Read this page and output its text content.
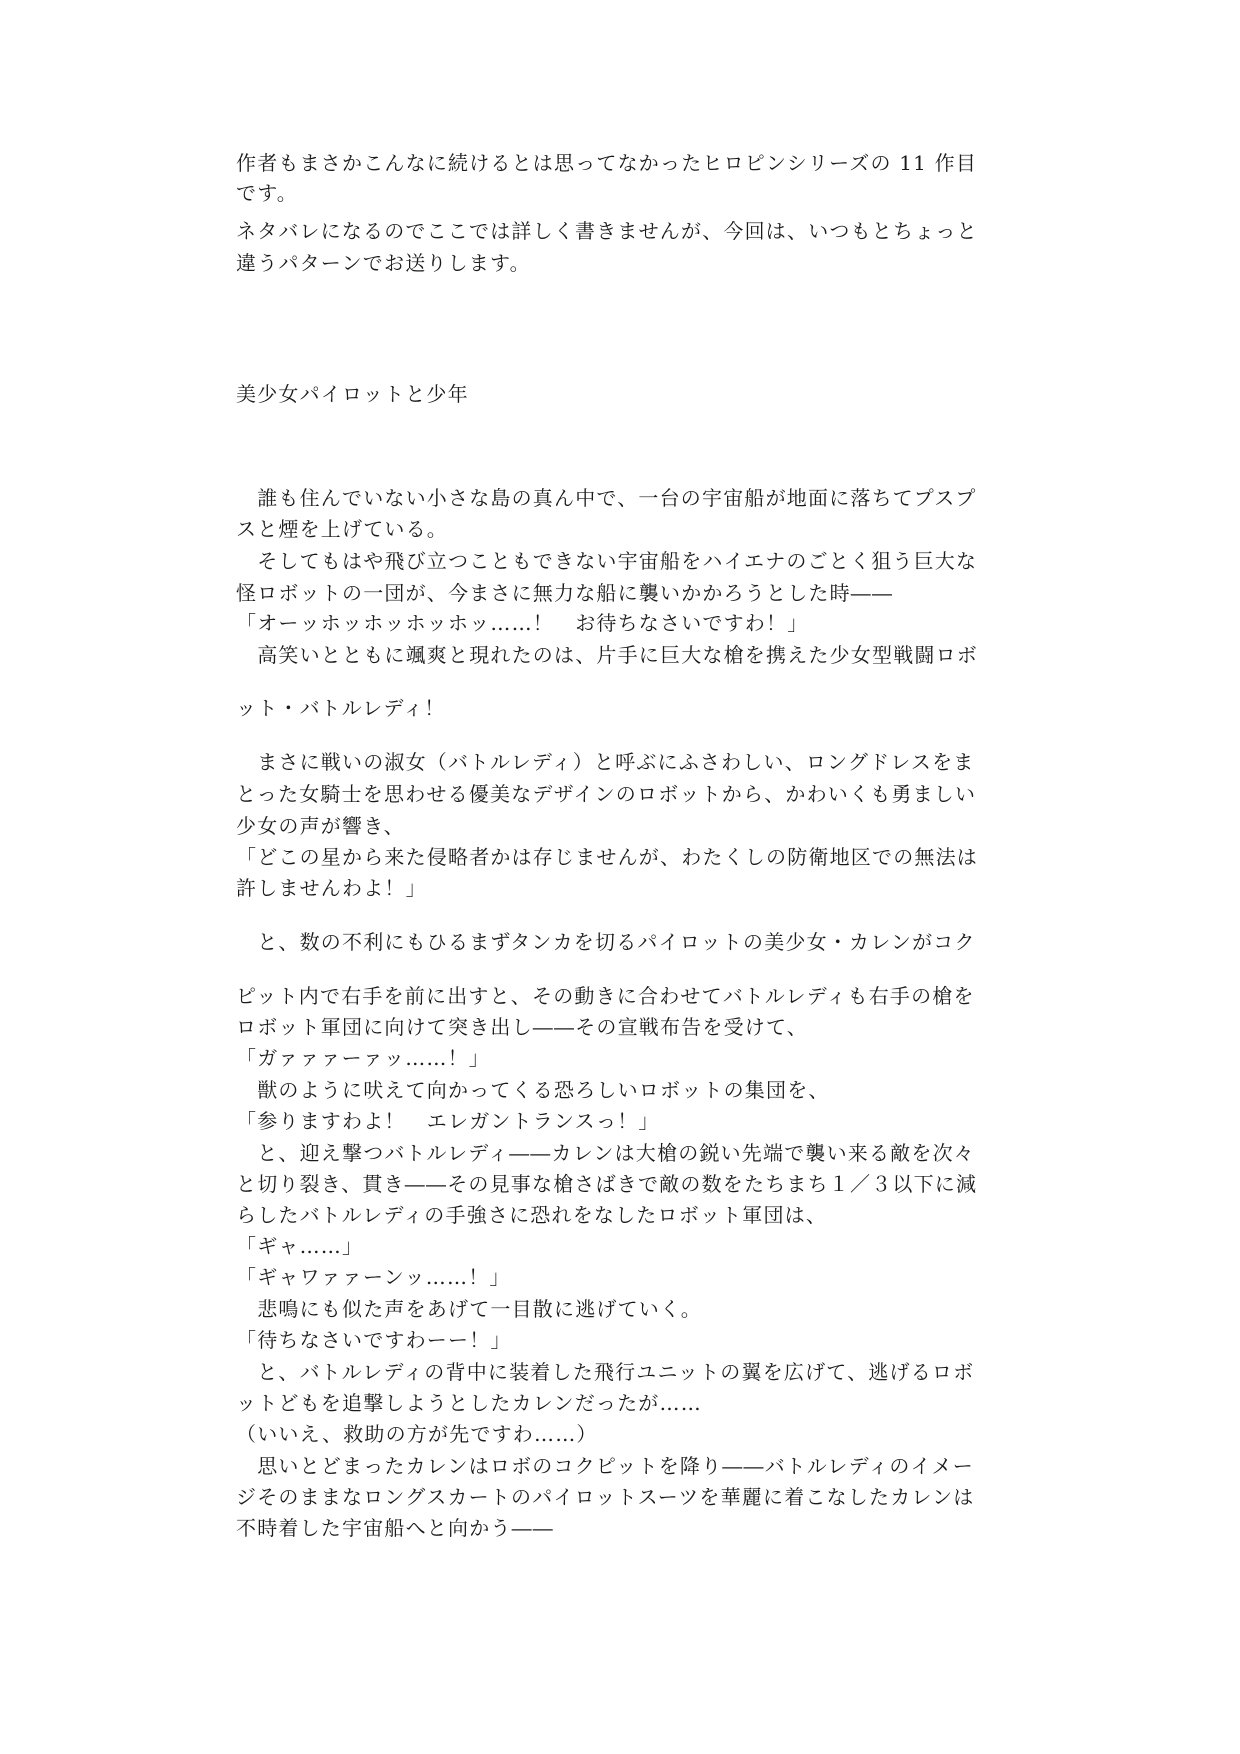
作者もまさかこんなに続けるとは思ってなかったヒロピンシリーズの 11 作目

です。

ネタバレになるのでここでは詳しく書きませんが、今回は、いつもとちょっと

違うパターンでお送りします。

美少女パイロットと少年

　誰も住んでいない小さな島の真ん中で、一台の宇宙船が地面に落ちてプスプ

スと煙を上げている。

　そしてもはや飛び立つこともできない宇宙船をハイエナのごとく狙う巨大な

怪ロボットの一団が、今まさに無力な船に襲いかかろうとした時――

「オーッホッホッホッホッ……！　お待ちなさいですわ！」

　高笑いとともに颯爽と現れたのは、片手に巨大な槍を携えた少女型戦闘ロボ

ット・バトルレディ！

　まさに戦いの淑女（バトルレディ）と呼ぶにふさわしい、ロングドレスをま

とった女騎士を思わせる優美なデザインのロボットから、かわいくも勇ましい

少女の声が響き、

「どこの星から来た侵略者かは存じませんが、わたくしの防衛地区での無法は

許しませんわよ！」

　と、数の不利にもひるまずタンカを切るパイロットの美少女・カレンがコク

ピット内で右手を前に出すと、その動きに合わせてバトルレディも右手の槍を

ロボット軍団に向けて突き出し――その宣戦布告を受けて、

「ガァァァーァッ……！」

　獣のように吠えて向かってくる恐ろしいロボットの集団を、

「参りますわよ！　エレガントランスっ！」

　と、迎え撃つバトルレディ――カレンは大槍の鋭い先端で襲い来る敵を次々

と切り裂き、貫き――その見事な槍さばきで敵の数をたちまち１／３以下に減

らしたバトルレディの手強さに恐れをなしたロボット軍団は、

「ギャ……」

「ギャワァァーンッ……！」

　悲鳴にも似た声をあげて一目散に逃げていく。

「待ちなさいですわーー！」

　と、バトルレディの背中に装着した飛行ユニットの翼を広げて、逃げるロボ

ットどもを追撃しようとしたカレンだったが……

（いいえ、救助の方が先ですわ……）

　思いとどまったカレンはロボのコクピットを降り――バトルレディのイメー

ジそのままなロングスカートのパイロットスーツを華麗に着こなしたカレンは

不時着した宇宙船へと向かう――
